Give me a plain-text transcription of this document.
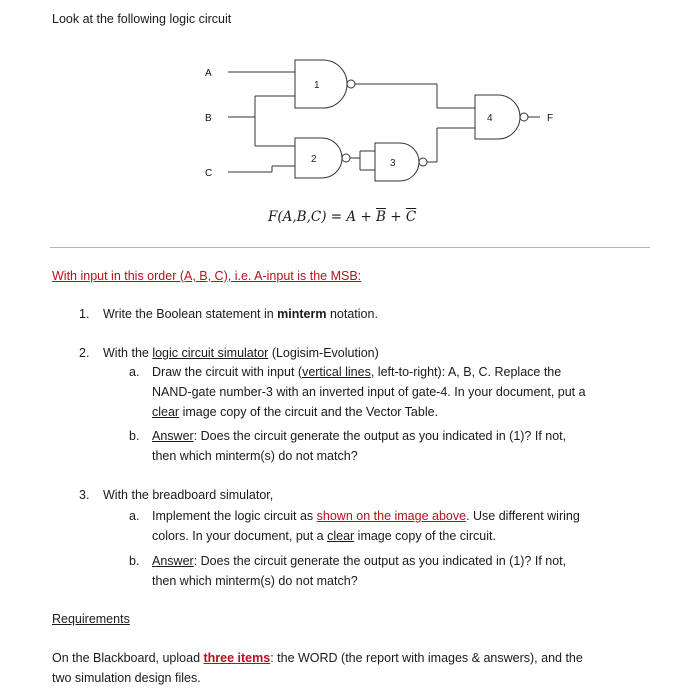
Look at the following logic circuit
A
B
C
1
2	3
4	F
$F(A,B,C) = A + \overline{B} + \overline{C}$
With input in this order (A, B, C), i.e. A-input is the MSB:
1. Write the Boolean statement in minterm notation.
2. With the logic circuit simulator (Logisim-Evolution)
a. Draw the circuit with input (vertical lines, left-to-right): A, B, C. Replace the
NAND-gate number-3 with an inverted input of gate-4. In your document, put a
clear image copy of the circuit and the Vector Table.
b. Answer: Does the circuit generate the output as you indicated in (1)? If not,
then which minterm(s) do not match?
3. With the breadboard simulator,
a. Implement the logic circuit as shown on the image above. Use different wiring
colors. In your document, put a clear image copy of the circuit.
b. Answer: Does the circuit generate the output as you indicated in (1)? If not,
then which minterm(s) do not match?
Requirements
On the Blackboard, upload three items: the WORD (the report with images & answers), and the
two simulation design files.
